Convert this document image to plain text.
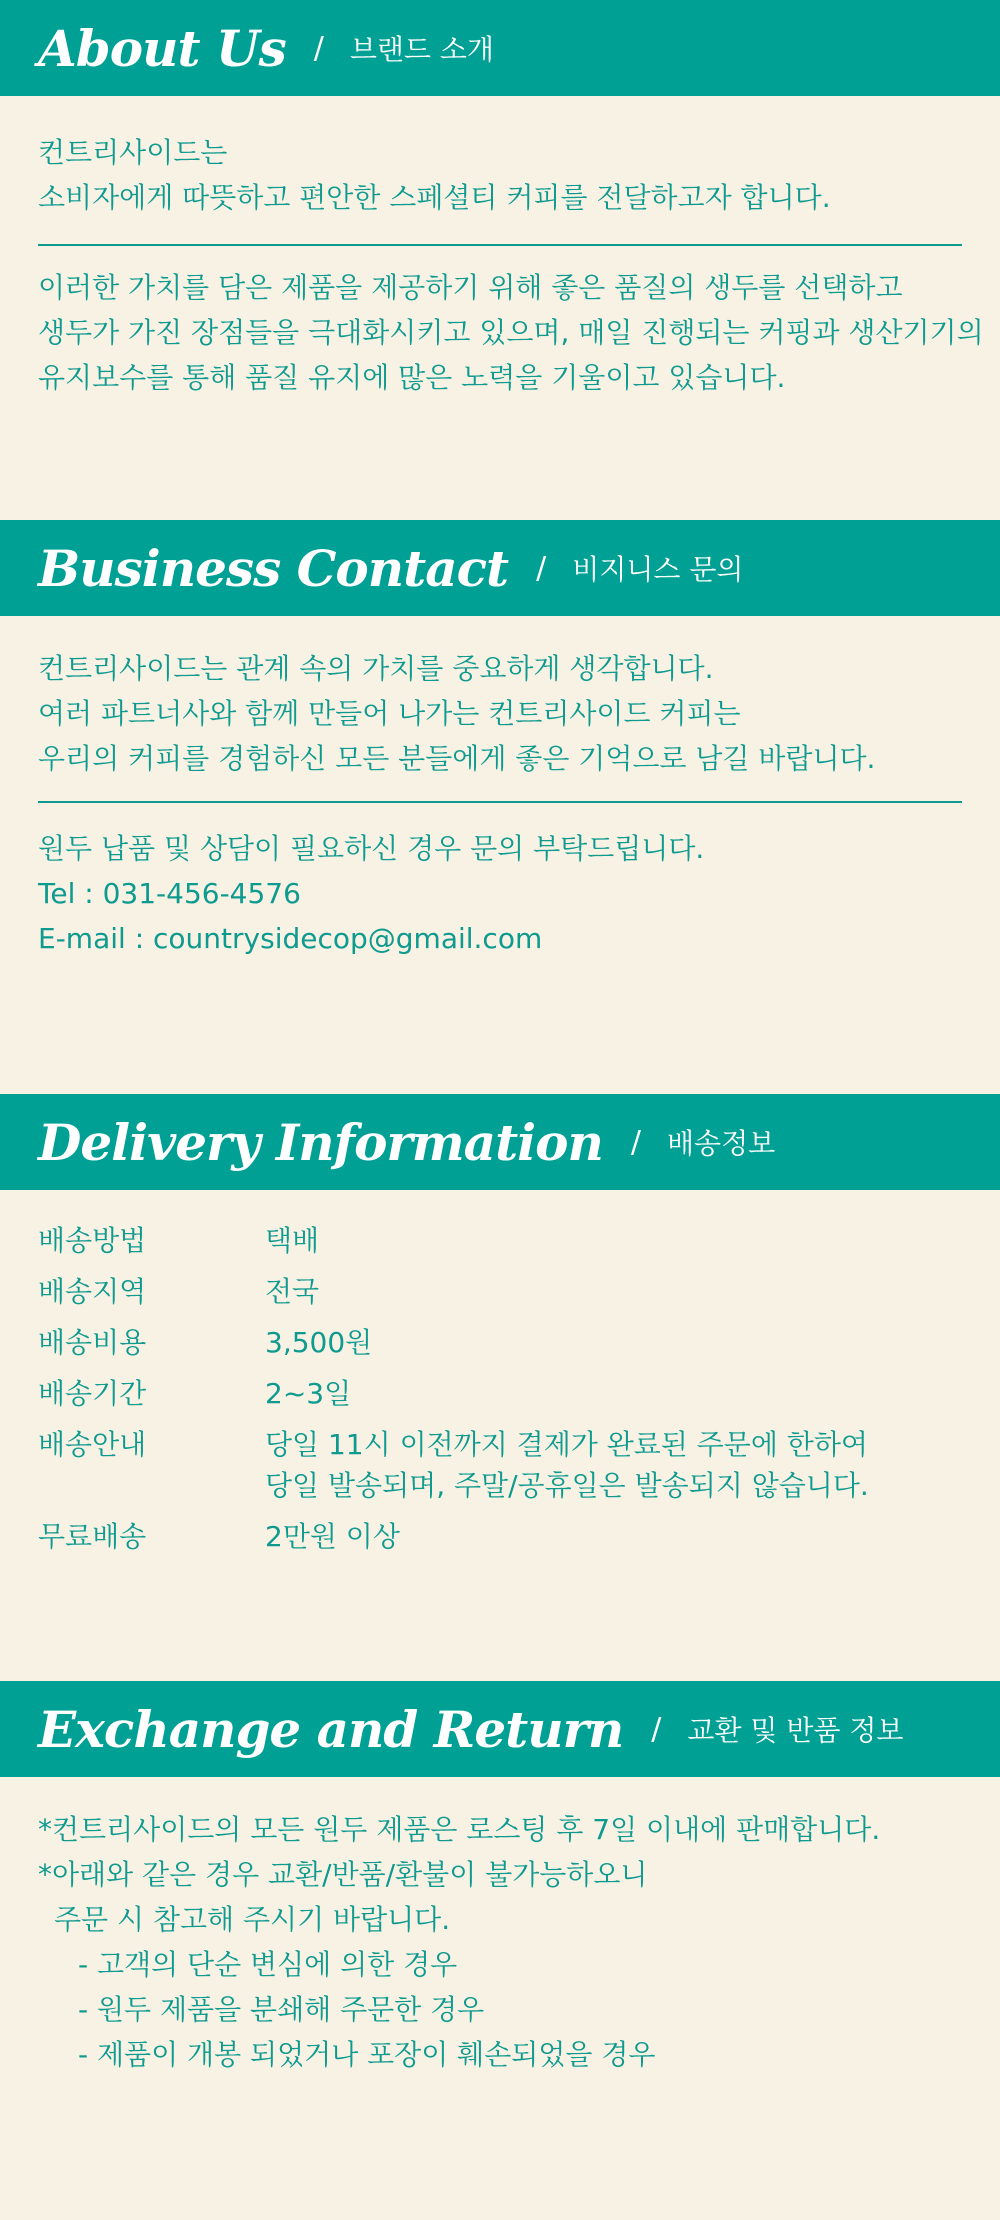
About Us / 브랜드 소개

컨트리사이드는

소비자에게 따뜻하고 편안한 스페셜티 커피를 전달하고자 합니다.

이러한 가치를 담은 제품을 제공하기 위해 좋은 품질의 생두를 선택하고

생두가 가진 장점들을 극대화시키고 있으며, 매일 진행되는 커핑과 생산기기의

유지보수를 통해 품질 유지에 많은 노력을 기울이고 있습니다.

Business Contact / 비지니스 문의

컨트리사이드는 관계 속의 가치를 중요하게 생각합니다.

여러 파트너사와 함께 만들어 나가는 컨트리사이드 커피는

우리의 커피를 경험하신 모든 분들에게 좋은 기억으로 남길 바랍니다.

원두 납품 및 상담이 필요하신 경우 문의 부탁드립니다.

Tel : 031-456-4576

E-mail : countrysidecop@gmail.com

Delivery Information / 배송정보
배송방법	택배
배송지역	전국
배송비용	3,500원
배송기간	2~3일
배송안내	당일 11시 이전까지 결제가 완료된 주문에 한하여
당일 발송되며, 주말/공휴일은 발송되지 않습니다.
무료배송	2만원 이상
Exchange and Return / 교환 및 반품 정보

*컨트리사이드의 모든 원두 제품은 로스팅 후 7일 이내에 판매합니다.

*아래와 같은 경우 교환/반품/환불이 불가능하오니

주문 시 참고해 주시기 바랍니다.

- 고객의 단순 변심에 의한 경우

- 원두 제품을 분쇄해 주문한 경우

- 제품이 개봉 되었거나 포장이 훼손되었을 경우
